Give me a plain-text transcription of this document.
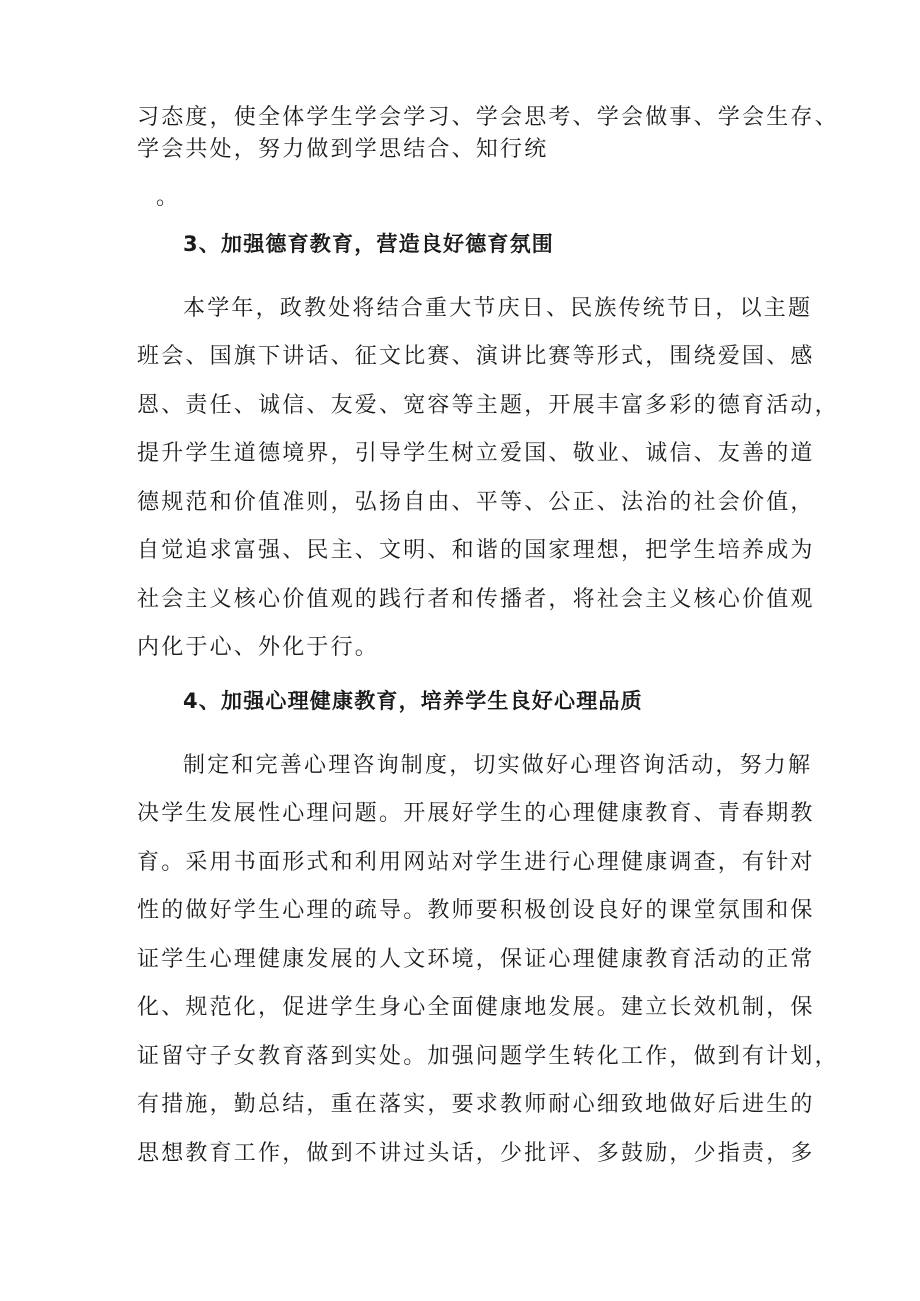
习态度，使全体学生学会学习、学会思考、学会做事、学会生存、
学会共处，努力做到学思结合、知行统
。
3、加强德育教育，营造良好德育氛围
本学年，政教处将结合重大节庆日、民族传统节日，以主题
班会、国旗下讲话、征文比赛、演讲比赛等形式，围绕爱国、感
恩、责任、诚信、友爱、宽容等主题，开展丰富多彩的德育活动，
提升学生道德境界，引导学生树立爱国、敬业、诚信、友善的道
德规范和价值准则，弘扬自由、平等、公正、法治的社会价值，
自觉追求富强、民主、文明、和谐的国家理想，把学生培养成为
社会主义核心价值观的践行者和传播者，将社会主义核心价值观
内化于心、外化于行。
4、加强心理健康教育，培养学生良好心理品质
制定和完善心理咨询制度，切实做好心理咨询活动，努力解
决学生发展性心理问题。开展好学生的心理健康教育、青春期教
育。采用书面形式和利用网站对学生进行心理健康调查，有针对
性的做好学生心理的疏导。教师要积极创设良好的课堂氛围和保
证学生心理健康发展的人文环境，保证心理健康教育活动的正常
化、规范化，促进学生身心全面健康地发展。建立长效机制，保
证留守子女教育落到实处。加强问题学生转化工作，做到有计划，
有措施，勤总结，重在落实，要求教师耐心细致地做好后进生的
思想教育工作，做到不讲过头话，少批评、多鼓励，少指责，多
